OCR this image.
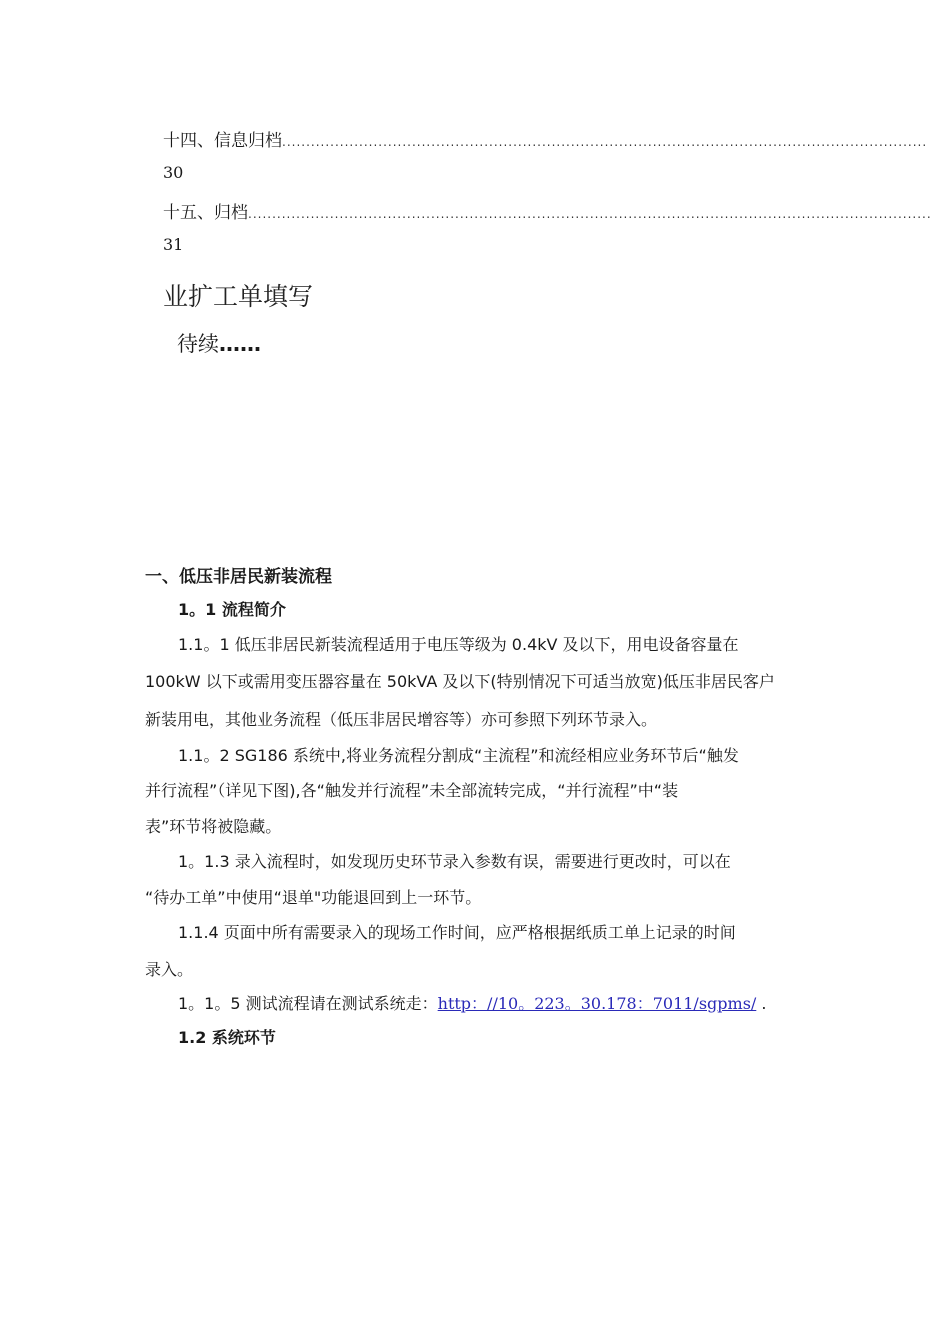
十四、信息归档 ......................................................................................................................................
30
十五、归档 ..............................................................................................................................................
31
业扩工单填写
待续……
一、低压非居民新装流程
1。1 流程简介
1.1。1 低压非居民新装流程适用于电压等级为 0.4kV 及以下，用电设备容量在
100kW 以下或需用变压器容量在 50kVA 及以下(特别情况下可适当放宽)低压非居民客户
新装用电，其他业务流程（低压非居民增容等）亦可参照下列环节录入。
1.1。2 SG186 系统中,将业务流程分割成“主流程”和流经相应业务环节后“触发
并行流程”（详见下图),各“触发并行流程”未全部流转完成，“并行流程”中“装
表”环节将被隐藏。
1。1.3 录入流程时，如发现历史环节录入参数有误，需要进行更改时，可以在
“待办工单”中使用“退单"功能退回到上一环节。
1.1.4 页面中所有需要录入的现场工作时间，应严格根据纸质工单上记录的时间
录入。
1。1。5 测试流程请在测试系统走：http：//10。223。30.178：7011/sgpms/ .
1.2 系统环节
